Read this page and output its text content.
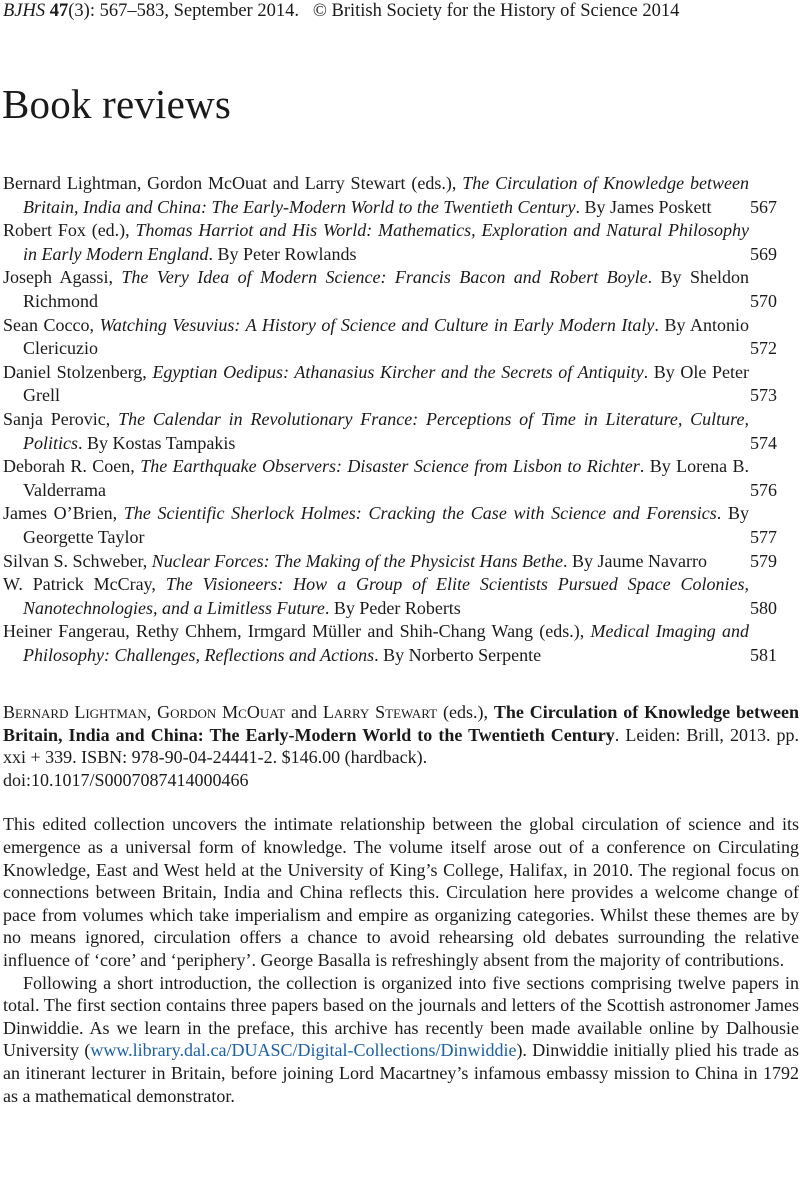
BJHS 47(3): 567–583, September 2014. © British Society for the History of Science 2014
Book reviews
Bernard Lightman, Gordon McOuat and Larry Stewart (eds.), The Circulation of Knowledge between Britain, India and China: The Early-Modern World to the Twentieth Century. By James Poskett	567
Robert Fox (ed.), Thomas Harriot and His World: Mathematics, Exploration and Natural Philosophy in Early Modern England. By Peter Rowlands	569
Joseph Agassi, The Very Idea of Modern Science: Francis Bacon and Robert Boyle. By Sheldon Richmond	570
Sean Cocco, Watching Vesuvius: A History of Science and Culture in Early Modern Italy. By Antonio Clericuzio	572
Daniel Stolzenberg, Egyptian Oedipus: Athanasius Kircher and the Secrets of Antiquity. By Ole Peter Grell	573
Sanja Perovic, The Calendar in Revolutionary France: Perceptions of Time in Literature, Culture, Politics. By Kostas Tampakis	574
Deborah R. Coen, The Earthquake Observers: Disaster Science from Lisbon to Richter. By Lorena B. Valderrama	576
James O’Brien, The Scientific Sherlock Holmes: Cracking the Case with Science and Forensics. By Georgette Taylor	577
Silvan S. Schweber, Nuclear Forces: The Making of the Physicist Hans Bethe. By Jaume Navarro	579
W. Patrick McCray, The Visioneers: How a Group of Elite Scientists Pursued Space Colonies, Nanotechnologies, and a Limitless Future. By Peder Roberts	580
Heiner Fangerau, Rethy Chhem, Irmgard Müller and Shih-Chang Wang (eds.), Medical Imaging and Philosophy: Challenges, Reflections and Actions. By Norberto Serpente	581
Bernard Lightman, Gordon McOuat and Larry Stewart (eds.), The Circulation of Knowledge between Britain, India and China: The Early-Modern World to the Twentieth Century. Leiden: Brill, 2013. pp. xxi + 339. ISBN: 978-90-04-24441-2. $146.00 (hardback).
doi:10.1017/S0007087414000466

This edited collection uncovers the intimate relationship between the global circulation of science and its emergence as a universal form of knowledge. The volume itself arose out of a conference on Circulating Knowledge, East and West held at the University of King’s College, Halifax, in 2010. The regional focus on connections between Britain, India and China reflects this. Circulation here provides a welcome change of pace from volumes which take imperialism and empire as organizing categories. Whilst these themes are by no means ignored, circulation offers a chance to avoid rehearsing old debates surrounding the relative influence of ‘core’ and ‘periphery’. George Basalla is refreshingly absent from the majority of contributions.

Following a short introduction, the collection is organized into five sections comprising twelve papers in total. The first section contains three papers based on the journals and letters of the Scottish astronomer James Dinwiddie. As we learn in the preface, this archive has recently been made available online by Dalhousie University (www.library.dal.ca/DUASC/Digital-Collections/Dinwiddie). Dinwiddie initially plied his trade as an itinerant lecturer in Britain, before joining Lord Macartney’s infamous embassy mission to China in 1792 as a mathematical demonstrator.
